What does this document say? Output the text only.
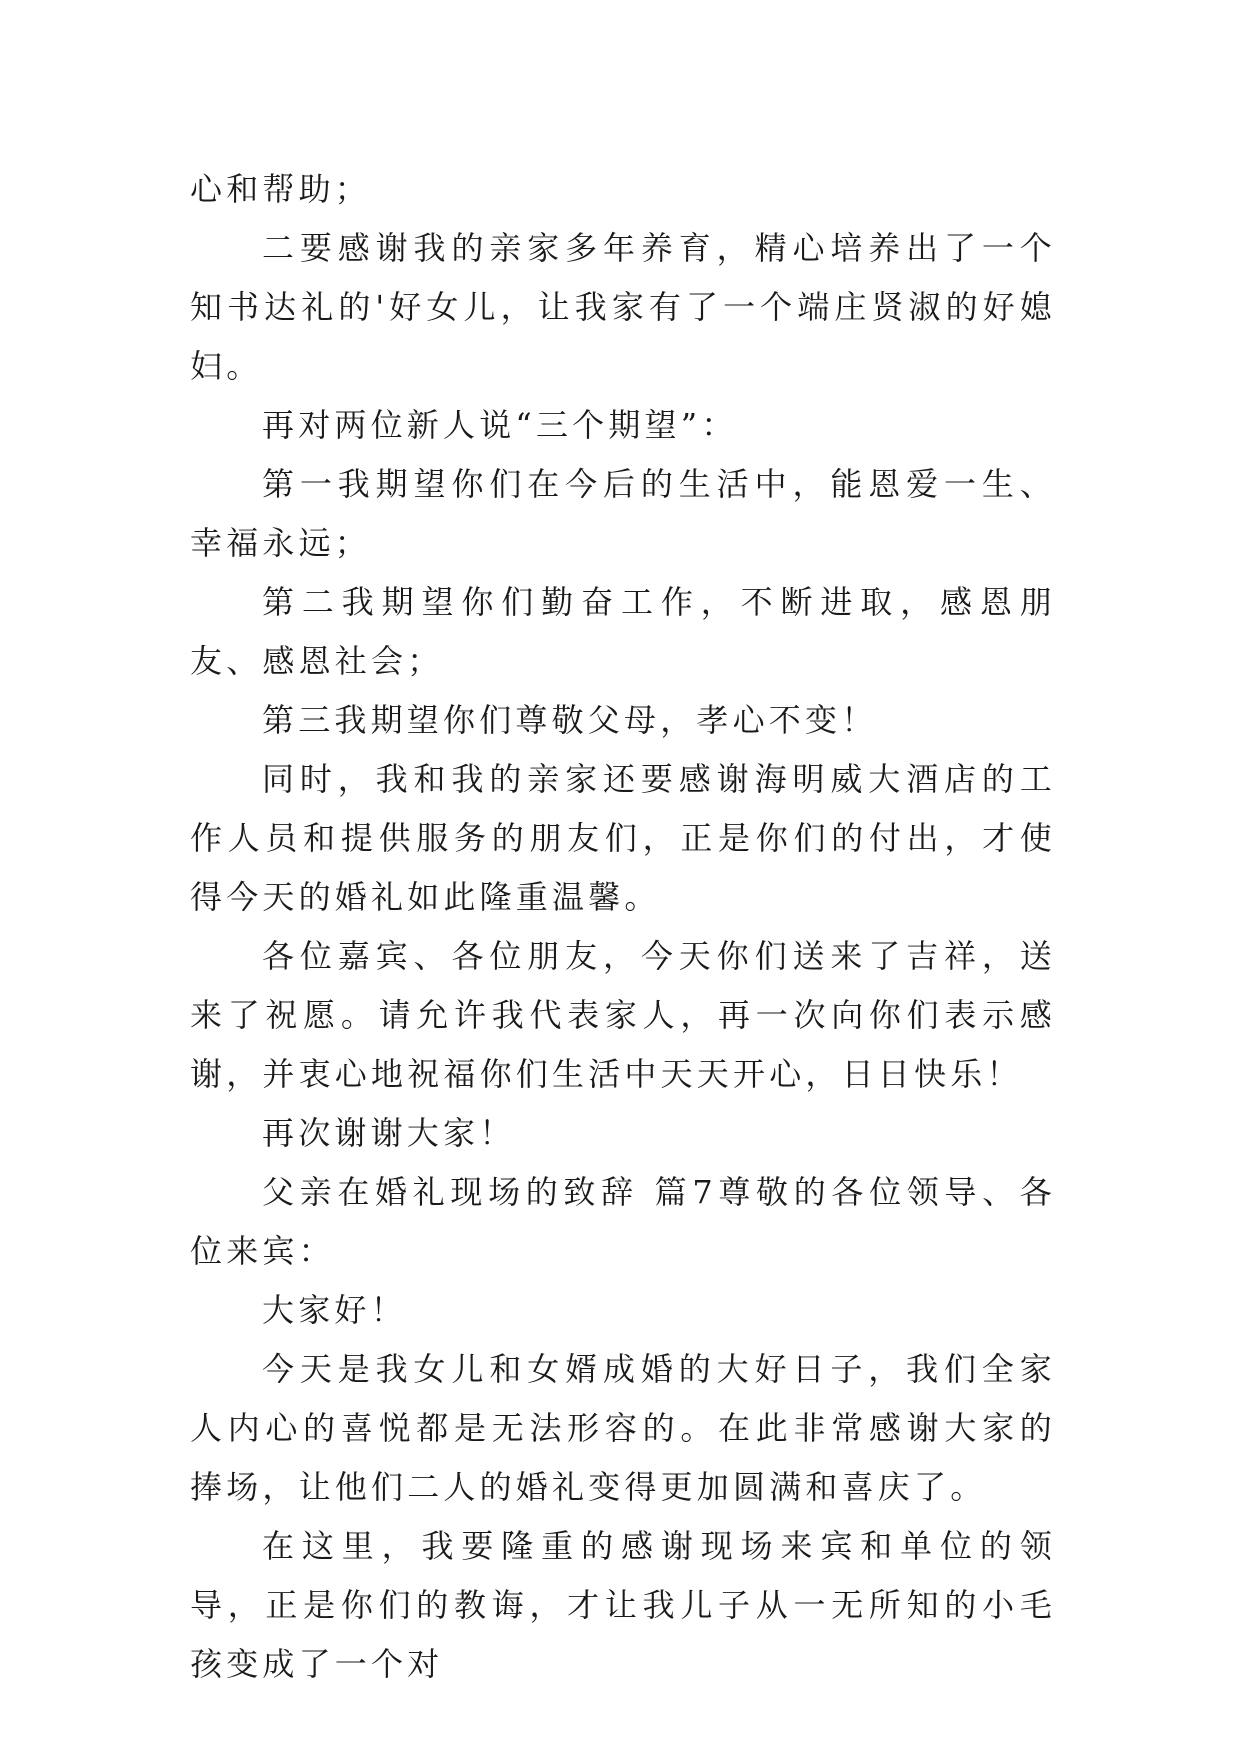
心和帮助；

二要感谢我的亲家多年养育，精心培养出了一个知书达礼的'好女儿，让我家有了一个端庄贤淑的好媳妇。

再对两位新人说“三个期望”：

第一我期望你们在今后的生活中，能恩爱一生、幸福永远；

第二我期望你们勤奋工作，不断进取，感恩朋友、感恩社会；

第三我期望你们尊敬父母，孝心不变！

同时，我和我的亲家还要感谢海明威大酒店的工作人员和提供服务的朋友们，正是你们的付出，才使得今天的婚礼如此隆重温馨。

各位嘉宾、各位朋友，今天你们送来了吉祥，送来了祝愿。请允许我代表家人，再一次向你们表示感谢，并衷心地祝福你们生活中天天开心，日日快乐！

再次谢谢大家！

父亲在婚礼现场的致辞 篇7尊敬的各位领导、各位来宾：

大家好！

今天是我女儿和女婿成婚的大好日子，我们全家人内心的喜悦都是无法形容的。在此非常感谢大家的捧场，让他们二人的婚礼变得更加圆满和喜庆了。

在这里，我要隆重的感谢现场来宾和单位的领导，正是你们的教诲，才让我儿子从一无所知的小毛孩变成了一个对
